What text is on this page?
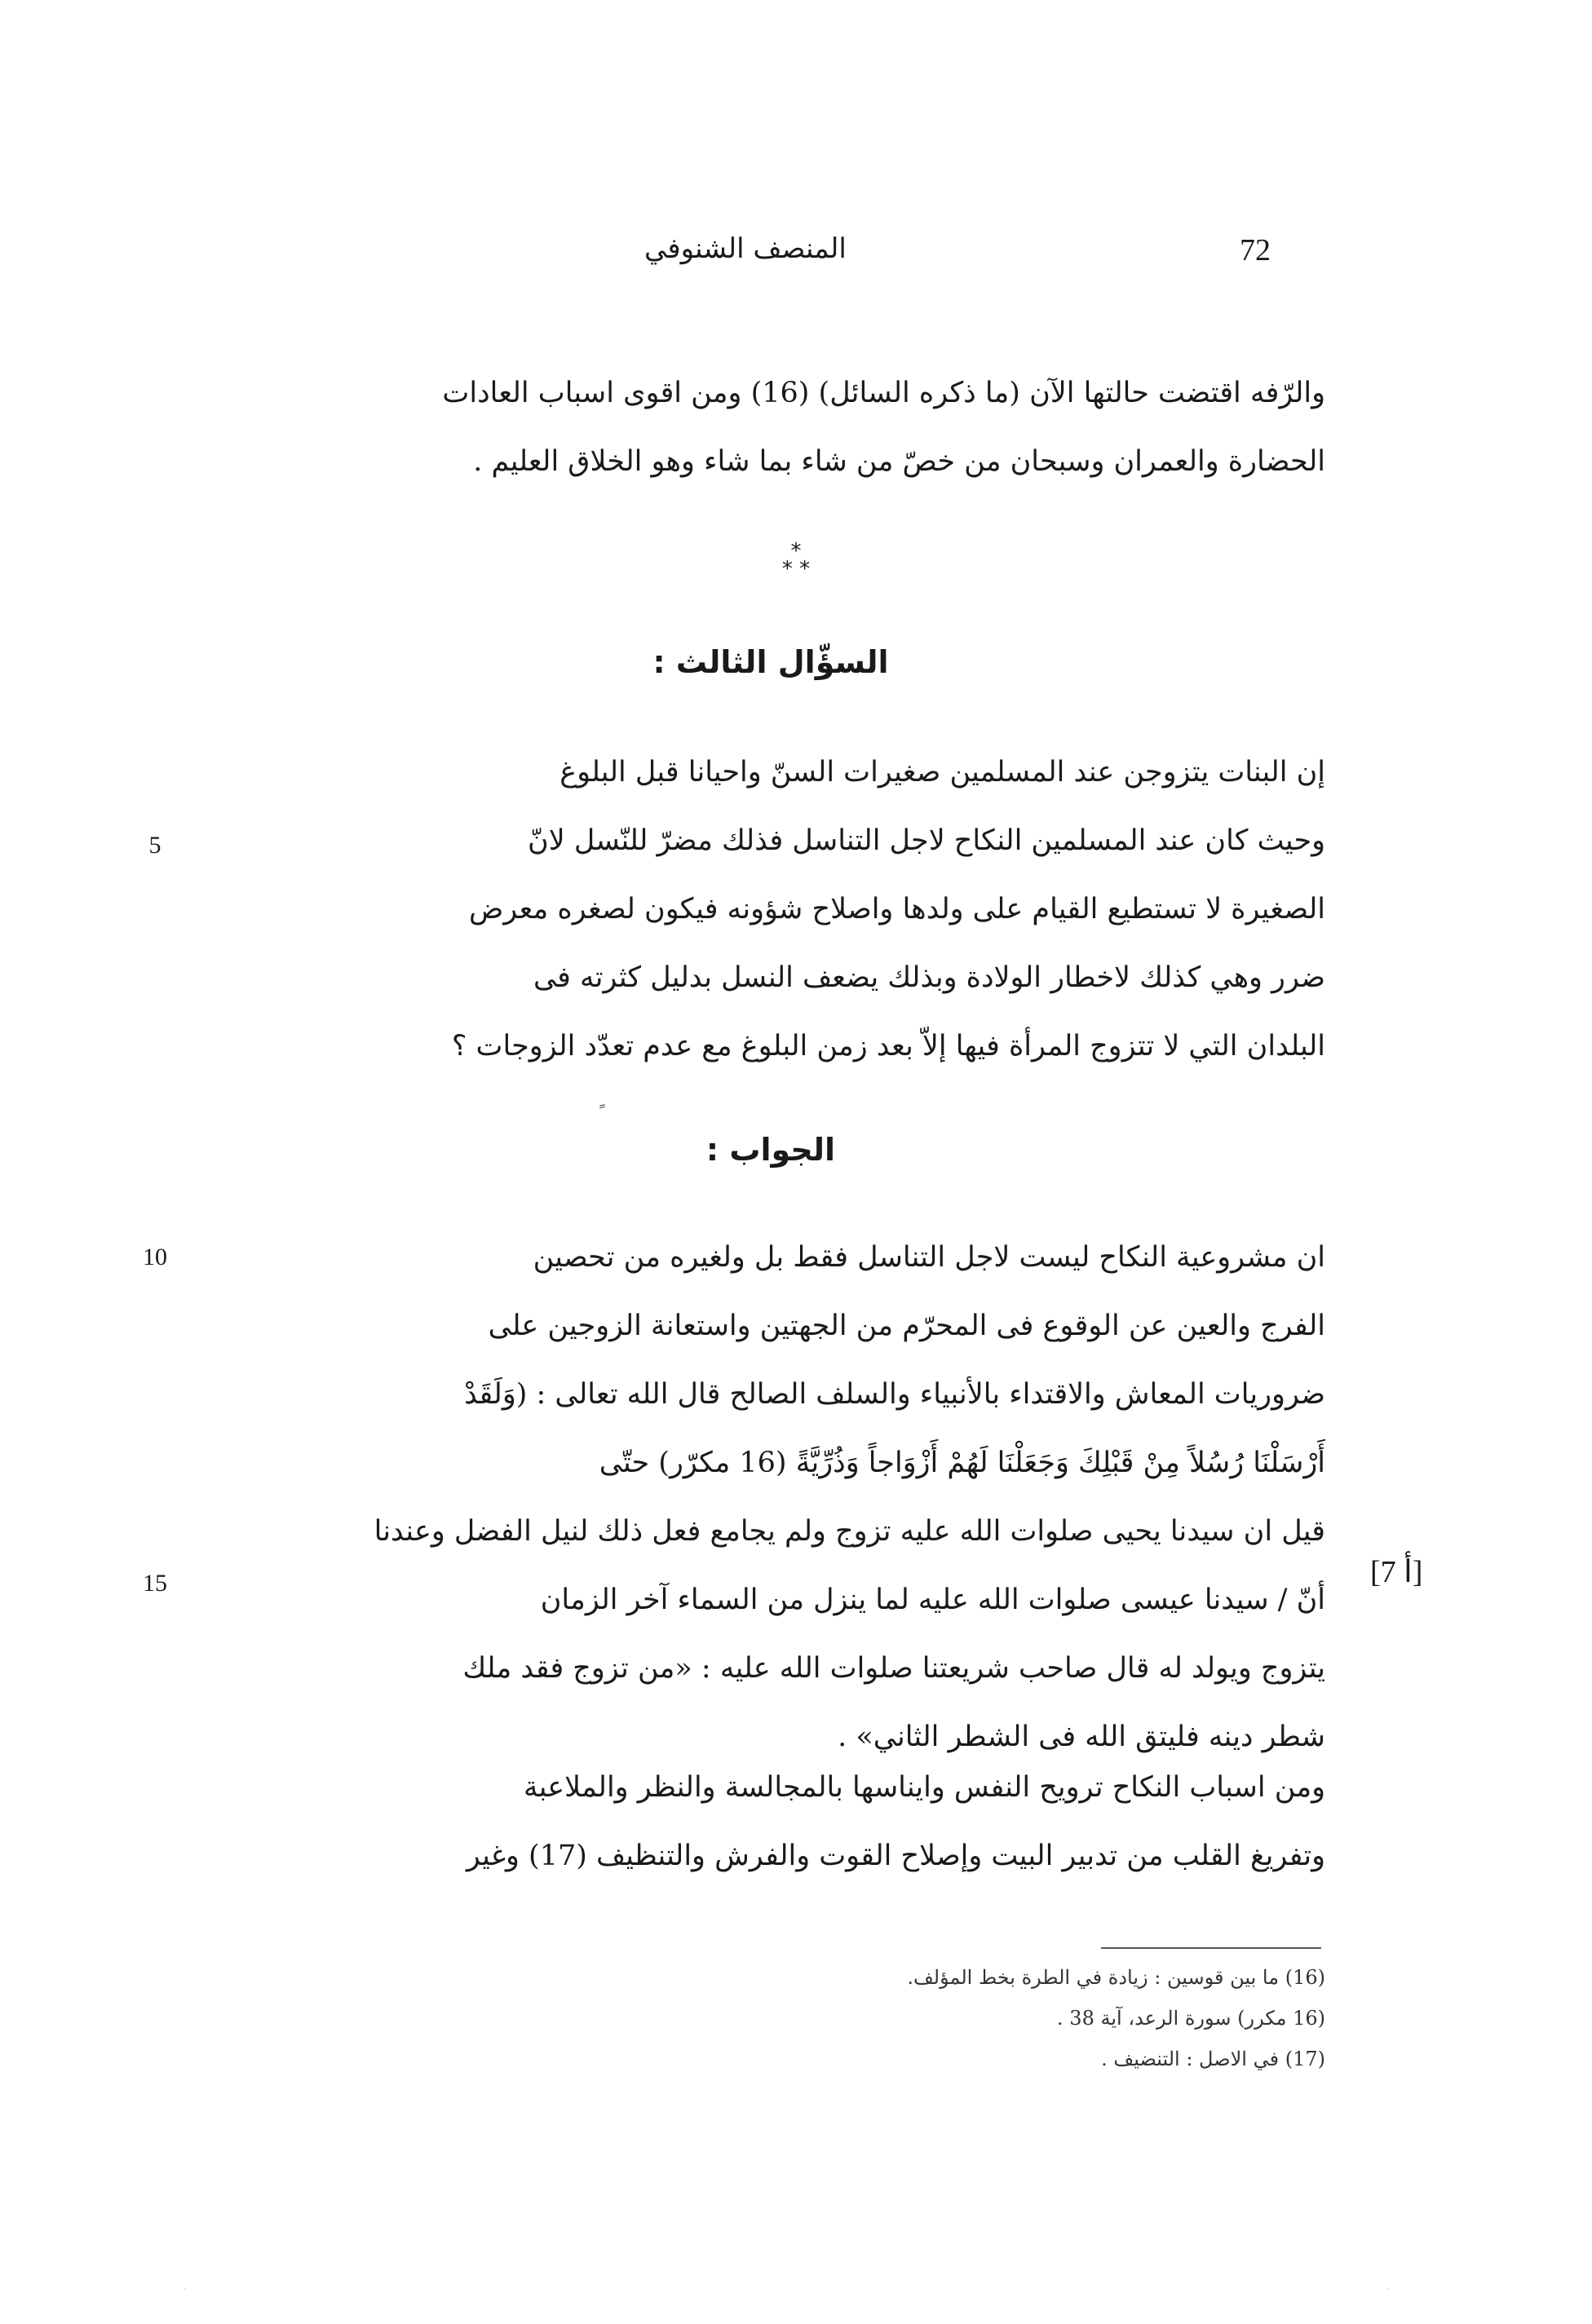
72
المنصف الشنوفي
والرّفه اقتضت حالتها الآن (ما ذكره السائل) (16) ومن اقوى اسباب العادات
الحضارة والعمران وسبحان من خصّ من شاء بما شاء وهو الخلاق العليم .
*
* *
السؤّال الثالث :
إن البنات يتزوجن عند المسلمين صغيرات السنّ واحيانا قبل البلوغ
وحيث كان عند المسلمين النكاح لاجل التناسل فذلك مضرّ للنّسل لانّ
الصغيرة لا تستطيع القيام على ولدها واصلاح شؤونه فيكون لصغره معرض
ضرر وهي كذلك لاخطار الولادة وبذلك يضعف النسل بدليل كثرته فى
البلدان التي لا تتزوج المرأة فيها إلاّ بعد زمن البلوغ مع عدم تعدّد الزوجات ؟
الجواب :
ان مشروعية النكاح ليست لاجل التناسل فقط بل ولغيره من تحصين
الفرج والعين عن الوقوع فى المحرّم من الجهتين واستعانة الزوجين على
ضروريات المعاش والاقتداء بالأنبياء والسلف الصالح قال الله تعالى : (وَلَقَدْ
أَرْسَلْنَا رُسُلاً مِنْ قَبْلِكَ وَجَعَلْنَا لَهُمْ أَزْوَاجاً وَذُرِّيَّةً (16 مكرّر) حتّى
قيل ان سيدنا يحيى صلوات الله عليه تزوج ولم يجامع فعل ذلك لنيل الفضل وعندنا
أنّ / سيدنا عيسى صلوات الله عليه لما ينزل من السماء آخر الزمان
يتزوج ويولد له قال صاحب شريعتنا صلوات الله عليه : «من تزوج فقد ملك
شطر دينه فليتق الله فى الشطر الثاني» .
ومن اسباب النكاح ترويح النفس وايناسها بالمجالسة والنظر والملاعبة
وتفريغ القلب من تدبير البيت وإصلاح القوت والفرش والتنظيف (17) وغير
5
10
15	[7 أ]
(16) ما بين قوسين : زيادة في الطرة بخط المؤلف.
(16 مكرر) سورة الرعد، آية 38 .
(17) في الاصل : التنضيف .
·	·
